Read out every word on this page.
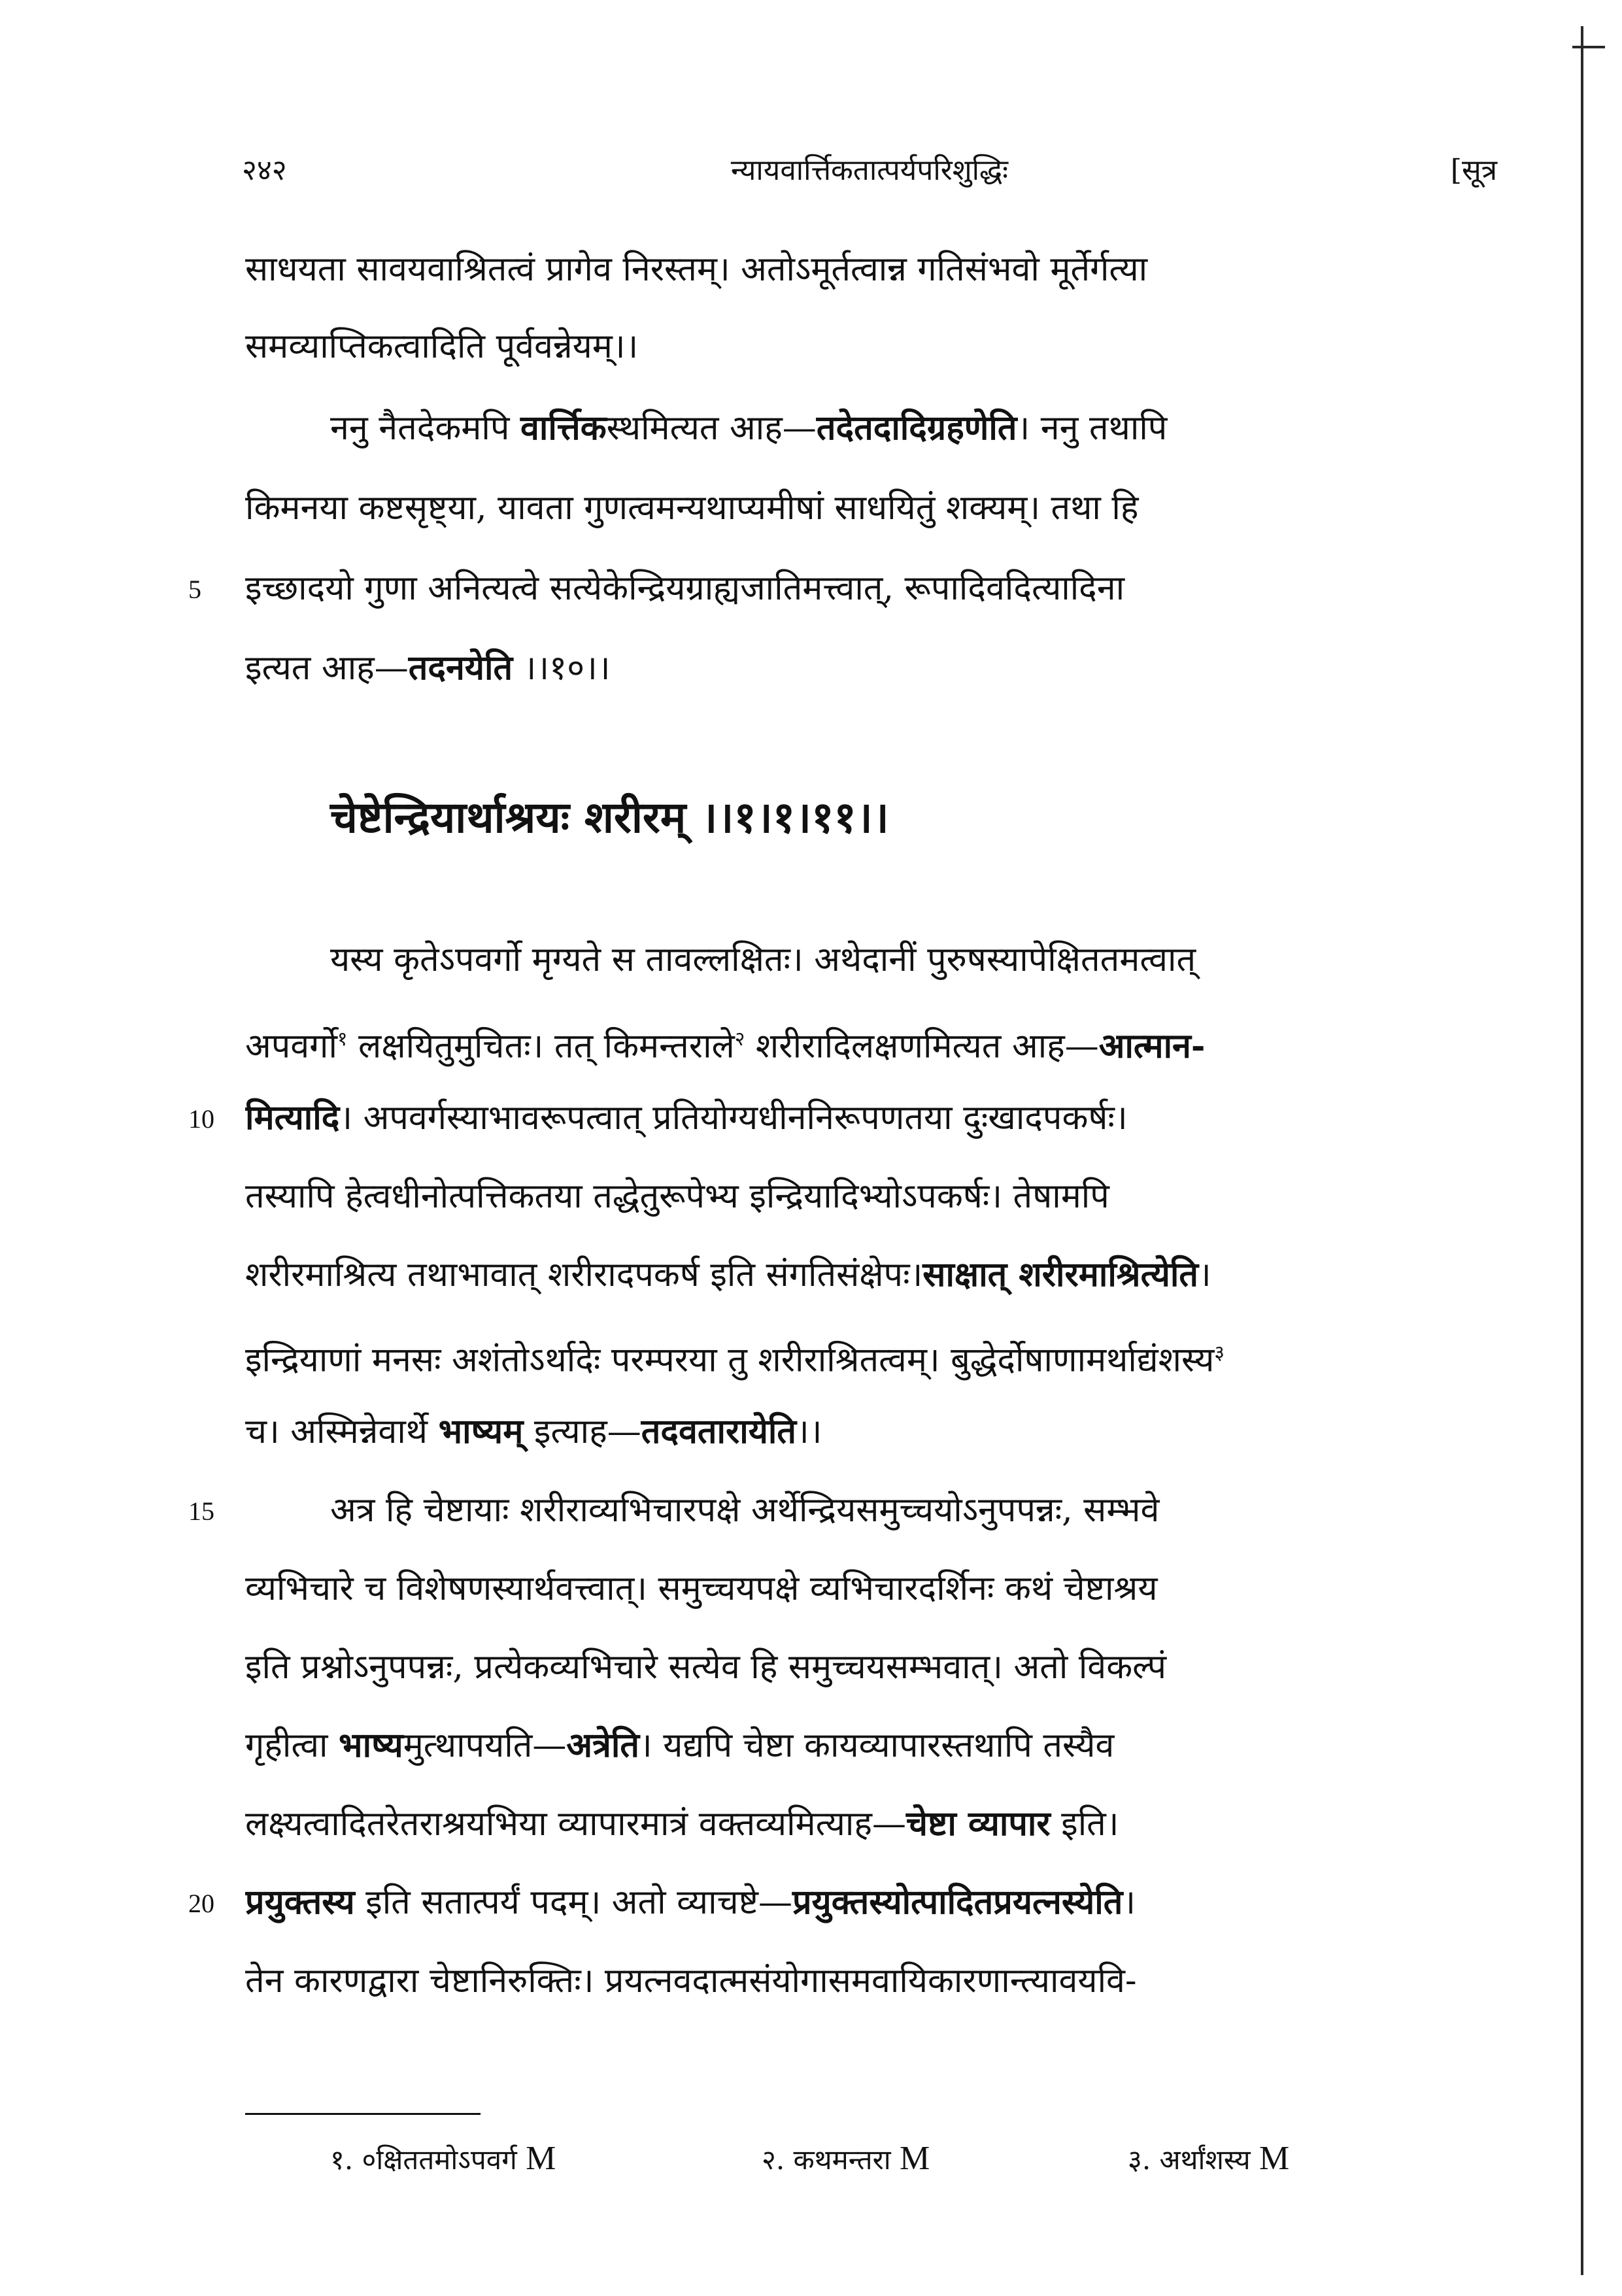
२४२	न्यायवार्त्तिकतात्पर्यपरिशुद्धिः	[सूत्र
साधयता सावयवाश्रितत्वं प्रागेव निरस्तम्। अतोऽमूर्तत्वान्न गतिसंभवो मूर्तेर्गत्या
समव्याप्तिकत्वादिति पूर्ववन्नेयम्।।
ननु नैतदेकमपि वार्त्तिकस्थमित्यत आह—तदेतदादिग्रहणेति। ननु तथापि
किमनया कष्टसृष्ट्या, यावता गुणत्वमन्यथाप्यमीषां साधयितुं शक्यम्। तथा हि
5	इच्छादयो गुणा अनित्यत्वे सत्येकेन्द्रियग्राह्यजातिमत्त्वात्, रूपादिवदित्यादिना
इत्यत आह—तदनयेति ।।१०।।
चेष्टेन्द्रियार्थाश्रयः शरीरम् ।।१।१।११।।
यस्य कृतेऽपवर्गो मृग्यते स तावल्लक्षितः। अथेदानीं पुरुषस्यापेक्षिततमत्वात्
अपवर्गो$^१$ लक्षयितुमुचितः। तत् किमन्तराले$^२$ शरीरादिलक्षणमित्यत आह—आत्मान-
10 मित्यादि। अपवर्गस्याभावरूपत्वात् प्रतियोग्यधीननिरूपणतया दुःखादपकर्षः।
तस्यापि हेत्वधीनोत्पत्तिकतया तद्धेतुरूपेभ्य इन्द्रियादिभ्योऽपकर्षः। तेषामपि
शरीरमाश्रित्य तथाभावात् शरीरादपकर्ष इति संगतिसंक्षेपः।साक्षात् शरीरमाश्रित्येति।
इन्द्रियाणां मनसः अशंतोऽर्थादेः परम्परया तु शरीराश्रितत्वम्। बुद्धेर्दोषाणामर्थाद्यंशस्य$^३$
च। अस्मिन्नेवार्थे भाष्यम् इत्याह—तदवतारायेति।।
15	अत्र हि चेष्टायाः शरीराव्यभिचारपक्षे अर्थेन्द्रियसमुच्चयोऽनुपपन्नः, सम्भवे
व्यभिचारे च विशेषणस्यार्थवत्त्वात्। समुच्चयपक्षे व्यभिचारदर्शिनः कथं चेष्टाश्रय
इति प्रश्नोऽनुपपन्नः, प्रत्येकव्यभिचारे सत्येव हि समुच्चयसम्भवात्। अतो विकल्पं
गृहीत्वा भाष्यमुत्थापयति—अत्रेति। यद्यपि चेष्टा कायव्यापारस्तथापि तस्यैव
लक्ष्यत्वादितरेतराश्रयभिया व्यापारमात्रं वक्तव्यमित्याह—चेष्टा व्यापार इति।
20 प्रयुक्तस्य इति सतात्पर्यं पदम्। अतो व्याचष्टे—प्रयुक्तस्योत्पादितप्रयत्नस्येति।
तेन कारणद्वारा चेष्टानिरुक्तिः। प्रयत्नवदात्मसंयोगासमवायिकारणान्त्यावयवि-
१. ०क्षिततमोऽपवर्ग M	२. कथमन्तरा M	३. अर्थांशस्य M
